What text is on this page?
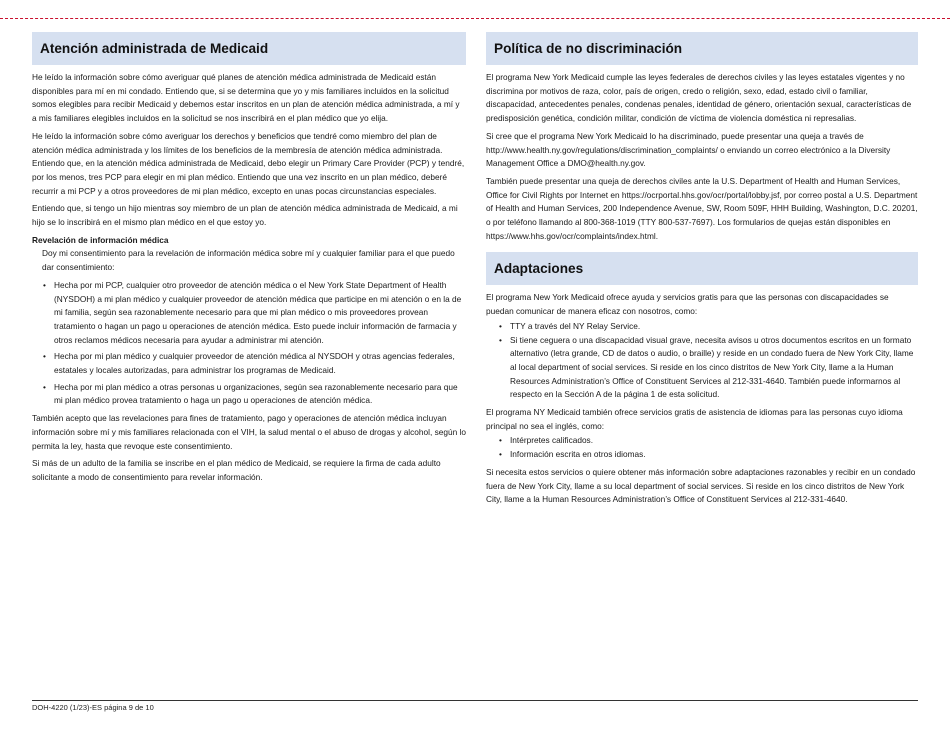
Atención administrada de Medicaid

He leído la información sobre cómo averiguar qué planes de atención médica administrada de Medicaid están disponibles para mí en mi condado. Entiendo que, si se determina que yo y mis familiares incluidos en la solicitud somos elegibles para recibir Medicaid y debemos estar inscritos en un plan de atención médica administrada, a mí y a mis familiares elegibles incluidos en la solicitud se nos inscribirá en el plan médico que yo elija.

He leído la información sobre cómo averiguar los derechos y beneficios que tendré como miembro del plan de atención médica administrada y los límites de los beneficios de la membresía de atención médica administrada. Entiendo que, en la atención médica administrada de Medicaid, debo elegir un Primary Care Provider (PCP) y tendré, por los menos, tres PCP para elegir en mi plan médico. Entiendo que una vez inscrito en un plan médico, deberé recurrir a mi PCP y a otros proveedores de mi plan médico, excepto en unas pocas circunstancias especiales.

Entiendo que, si tengo un hijo mientras soy miembro de un plan de atención médica administrada de Medicaid, a mi hijo se lo inscribirá en el mismo plan médico en el que estoy yo.

Revelación de información médica
Doy mi consentimiento para la revelación de información médica sobre mí y cualquier familiar para el que puedo dar consentimiento:
• Hecha por mi PCP, cualquier otro proveedor de atención médica o el New York State Department of Health (NYSDOH) a mi plan médico y cualquier proveedor de atención médica que participe en mi atención o en la de mi familia, según sea razonablemente necesario para que mi plan médico o mis proveedores provean tratamiento o hagan un pago u operaciones de atención médica. Esto puede incluir información de farmacia y otros reclamos médicos necesaria para ayudar a administrar mi atención.
• Hecha por mi plan médico y cualquier proveedor de atención médica al NYSDOH y otras agencias federales, estatales y locales autorizadas, para administrar los programas de Medicaid.
• Hecha por mi plan médico a otras personas u organizaciones, según sea razonablemente necesario para que mi plan médico provea tratamiento o haga un pago u operaciones de atención médica.

También acepto que las revelaciones para fines de tratamiento, pago y operaciones de atención médica incluyan información sobre mí y mis familiares relacionada con el VIH, la salud mental o el abuso de drogas y alcohol, según lo permita la ley, hasta que revoque este consentimiento.

Si más de un adulto de la familia se inscribe en el plan médico de Medicaid, se requiere la firma de cada adulto solicitante a modo de consentimiento para revelar información.

Política de no discriminación

El programa New York Medicaid cumple las leyes federales de derechos civiles y las leyes estatales vigentes y no discrimina por motivos de raza, color, país de origen, credo o religión, sexo, edad, estado civil o familiar, discapacidad, antecedentes penales, condenas penales, identidad de género, orientación sexual, características de predisposición genética, condición militar, condición de víctima de violencia doméstica ni represalias.

Si cree que el programa New York Medicaid lo ha discriminado, puede presentar una queja a través de http://www.health.ny.gov/regulations/discrimination_complaints/ o enviando un correo electrónico a la Diversity Management Office a DMO@health.ny.gov.

También puede presentar una queja de derechos civiles ante la U.S. Department of Health and Human Services, Office for Civil Rights por Internet en https://ocrportal.hhs.gov/ocr/portal/lobby.jsf, por correo postal a U.S. Department of Health and Human Services, 200 Independence Avenue, SW, Room 509F, HHH Building, Washington, D.C. 20201, o por teléfono llamando al 800-368-1019 (TTY 800-537-7697). Los formularios de quejas están disponibles en https://www.hhs.gov/ocr/complaints/index.html.

Adaptaciones

El programa New York Medicaid ofrece ayuda y servicios gratis para que las personas con discapacidades se puedan comunicar de manera eficaz con nosotros, como:

• TTY a través del NY Relay Service.
• Si tiene ceguera o una discapacidad visual grave, necesita avisos u otros documentos escritos en un formato alternativo (letra grande, CD de datos o audio, o braille) y reside en un condado fuera de New York City, llame al local department of social services. Si reside en los cinco distritos de New York City, llame a la Human Resources Administration’s Office of Constituent Services al 212-331-4640. También puede informarnos al respecto en la Sección A de la página 1 de esta solicitud.

El programa NY Medicaid también ofrece servicios gratis de asistencia de idiomas para las personas cuyo idioma principal no sea el inglés, como:

• Intérpretes calificados.
• Información escrita en otros idiomas.

Si necesita estos servicios o quiere obtener más información sobre adaptaciones razonables y recibir en un condado fuera de New York City, llame a su local department of social services. Si reside en los cinco distritos de New York City, llame a la Human Resources Administration’s Office of Constituent Services al 212-331-4640.

DOH-4220 (1/23)-ES página 9 de 10
